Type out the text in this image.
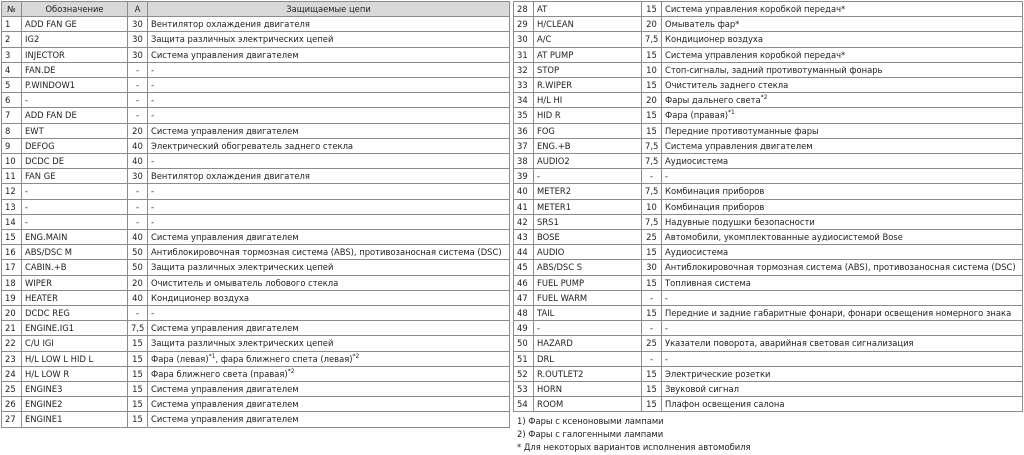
№	Обозначение	А	Защищаемые цепи
1	ADD FAN GE	30	Вентилятор охлаждения двигателя
2	IG2	30	Защита различных электрических цепей
3	INJECTOR	30	Система управления двигателем
4	FAN.DE	-	-
5	P.WINDOW1	-	-
6	-	-	-
7	ADD FAN DE	-	-
8	EWT	20	Система управления двигателем
9	DEFOG	40	Электрический обогреватель заднего стекла
10	DCDC DE	40	-
11	FAN GE	30	Вентилятор охлаждения двигателя
12	-	-	-
13	-	-	-
14	-	-	-
15	ENG.MAIN	40	Система управления двигателем
16	ABS/DSC M	50	Антиблокировочная тормозная система (ABS), противозаносная система (DSC)
17	CABIN.+B	50	Защита различных электрических цепей
18	WIPER	20	Очиститель и омыватель лобового стекла
19	HEATER	40	Кондиционер воздуха
20	DCDC REG	-	-
21	ENGINE.IG1	7,5	Система управления двигателем
22	C/U IGI	15	Защита различных электрических цепей
23	H/L LOW L HID L	15	Фара (левая)$^{*1}$, фара ближнего спета (левая)$^{*2}$
24	H/L LOW R	15	Фара ближнего света (правая)$^{*2}$
25	ENGINE3	15	Система управления двигателем
26	ENGINE2	15	Система управления двигателем
27	ENGINE1	15	Система управления двигателем
28	AT	15	Система управления коробкой передач*
29	H/CLEAN	20	Омыватель фар*
30	A/C	7,5	Кондиционер воздуха
31	AT PUMP	15	Система управления коробкой передач*
32	STOP	10	Стоп-сигналы, задний противотуманный фонарь
33	R.WIPER	15	Очиститель заднего стекла
34	H/L HI	20	Фары дальнего света$^{*2}$
35	HID R	15	Фара (правая)$^{*1}$
36	FOG	15	Передние противотуманные фары
37	ENG.+B	7,5	Система управления двигателем
38	AUDIO2	7,5	Аудиосистема
39	-	-	-
40	METER2	7,5	Комбинация приборов
41	METER1	10	Комбинация приборов
42	SRS1	7,5	Надувные подушки безопасности
43	BOSE	25	Автомобили, укомплектованные аудиосистемой Bose
44	AUDIO	15	Аудиосистема
45	ABS/DSC S	30	Антиблокировочная тормозная система (ABS), противозаносная система (DSC)
46	FUEL PUMP	15	Топливная система
47	FUEL WARM	-	-
48	TAIL	15	Передние и задние габаритные фонари, фонари освещения номерного знака
49	-	-	-
50	HAZARD	25	Указатели поворота, аварийная световая сигнализация
51	DRL	-	-
52	R.OUTLET2	15	Электрические розетки
53	HORN	15	Звуковой сигнал
54	ROOM	15	Плафон освещения салона
1) Фары с ксеноновыми лампами
2) Фары с галогенными лампами
* Для некоторых вариантов исполнения автомобиля
